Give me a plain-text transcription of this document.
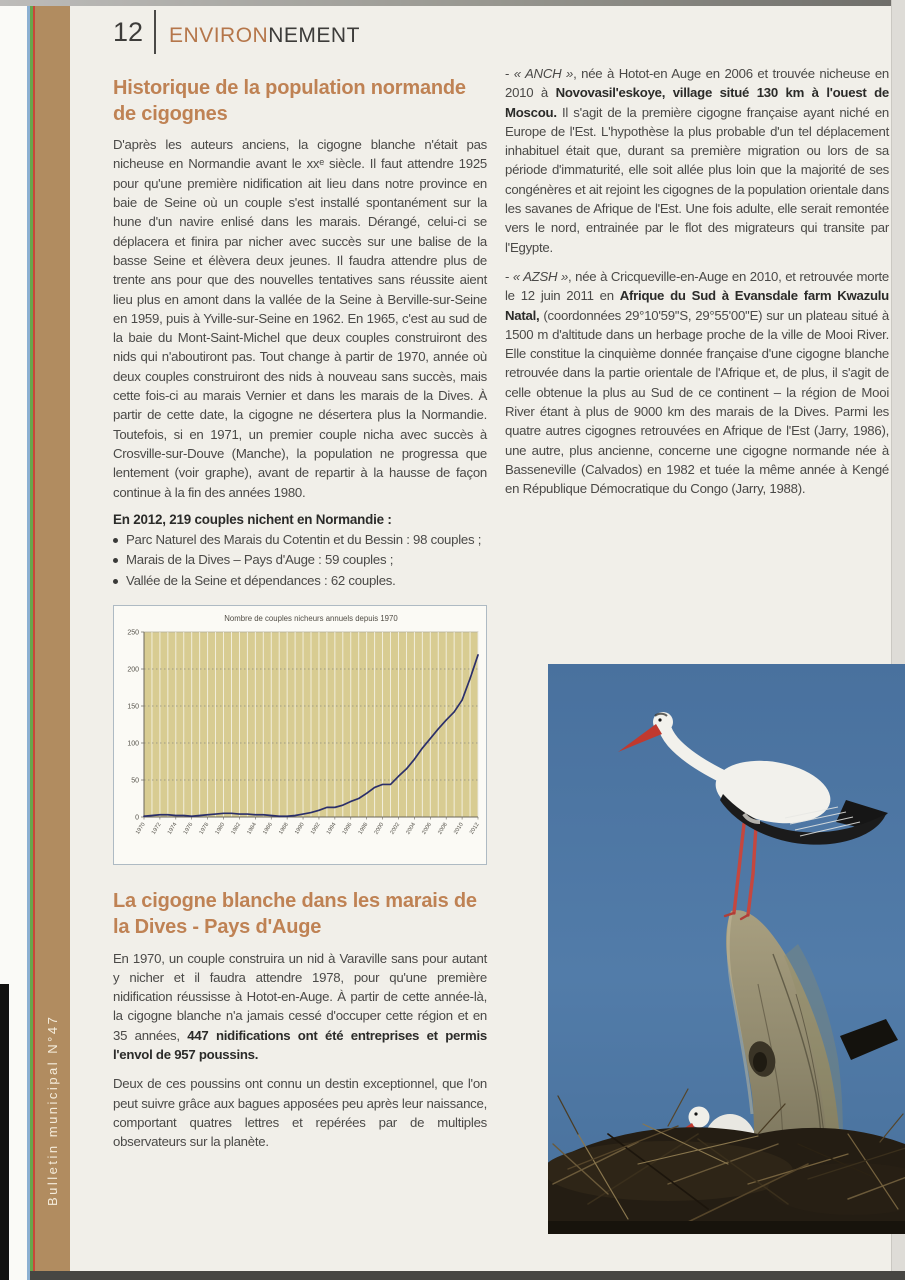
Bulletin municipal N°47
12 ENVIRONNEMENT
Historique de la population normande de cigognes

D'après les auteurs anciens, la cigogne blanche n'était pas nicheuse en Normandie avant le xxᵉ siècle. Il faut attendre 1925 pour qu'une première nidification ait lieu dans notre province en baie de Seine où un couple s'est installé spontanément sur la hune d'un navire enlisé dans les marais. Dérangé, celui-ci se déplacera et finira par nicher avec succès sur une balise de la basse Seine et élèvera deux jeunes. Il faudra attendre plus de trente ans pour que des nouvelles tentatives sans réussite aient lieu plus en amont dans la vallée de la Seine à Berville-sur-Seine en 1959, puis à Yville-sur-Seine en 1962. En 1965, c'est au sud de la baie du Mont-Saint-Michel que deux couples construiront des nids qui n'aboutiront pas. Tout change à partir de 1970, année où deux couples construiront des nids à nouveau sans succès, mais cette fois-ci au marais Vernier et dans les marais de la Dives. À partir de cette date, la cigogne ne désertera plus la Normandie. Toutefois, si en 1971, un premier couple nicha avec succès à Crosville-sur-Douve (Manche), la population ne progressa que lentement (voir graphe), avant de repartir à la hausse de façon continue à la fin des années 1980.

En 2012, 219 couples nichent en Normandie :

Parc Naturel des Marais du Cotentin et du Bessin : 98 couples ;
Marais de la Dives – Pays d'Auge : 59 couples ;
Vallée de la Seine et dépendances : 62 couples.
0
50
100
150
200
250
1970 1972 1974 1976 1978 1980 1982 1984 1986 1988 1990 1992 1994 1996 1998 2000 2002 2004 2006 2008 2010 2012
Nombre de couples nicheurs annuels depuis 1970
La cigogne blanche dans les marais de la Dives - Pays d'Auge

En 1970, un couple construira un nid à Varaville sans pour autant y nicher et il faudra attendre 1978, pour qu'une première nidification réussisse à Hotot-en-Auge. À partir de cette année-là, la cigogne blanche n'a jamais cessé d'occuper cette région et en 35 années, 447 nidifications ont été entreprises et permis l'envol de 957 poussins.

Deux de ces poussins ont connu un destin exceptionnel, que l'on peut suivre grâce aux bagues apposées peu après leur naissance, comportant quatres lettres et repérées par de multiples observateurs sur la planète.

- « ANCH », née à Hotot-en Auge en 2006 et trouvée nicheuse en 2010 à Novovasil'eskoye, village situé 130 km à l'ouest de Moscou. Il s'agit de la première cigogne française ayant niché en Europe de l'Est. L'hypothèse la plus probable d'un tel déplacement inhabituel était que, durant sa première migration ou lors de sa période d'immaturité, elle soit allée plus loin que la majorité de ses congénères et ait rejoint les cigognes de la population orientale dans les savanes de Afrique de l'Est. Une fois adulte, elle serait remontée vers le nord, entrainée par le flot des migrateurs qui transite par l'Egypte.

- « AZSH », née à Cricqueville-en-Auge en 2010, et retrouvée morte le 12 juin 2011 en Afrique du Sud à Evansdale farm Kwazulu Natal, (coordonnées 29°10'59''S, 29°55'00''E) sur un plateau situé à 1500 m d'altitude dans un herbage proche de la ville de Mooi River. Elle constitue la cinquième donnée française d'une cigogne blanche retrouvée dans la partie orientale de l'Afrique et, de plus, il s'agit de celle obtenue la plus au Sud de ce continent – la région de Mooi River étant à plus de 9000 km des marais de la Dives. Parmi les quatre autres cigognes retrouvées en Afrique de l'Est (Jarry, 1986), une autre, plus ancienne, concerne une cigogne normande née à Basseneville (Calvados) en 1982 et tuée la même année à Kengé en République Démocratique du Congo (Jarry, 1988).
